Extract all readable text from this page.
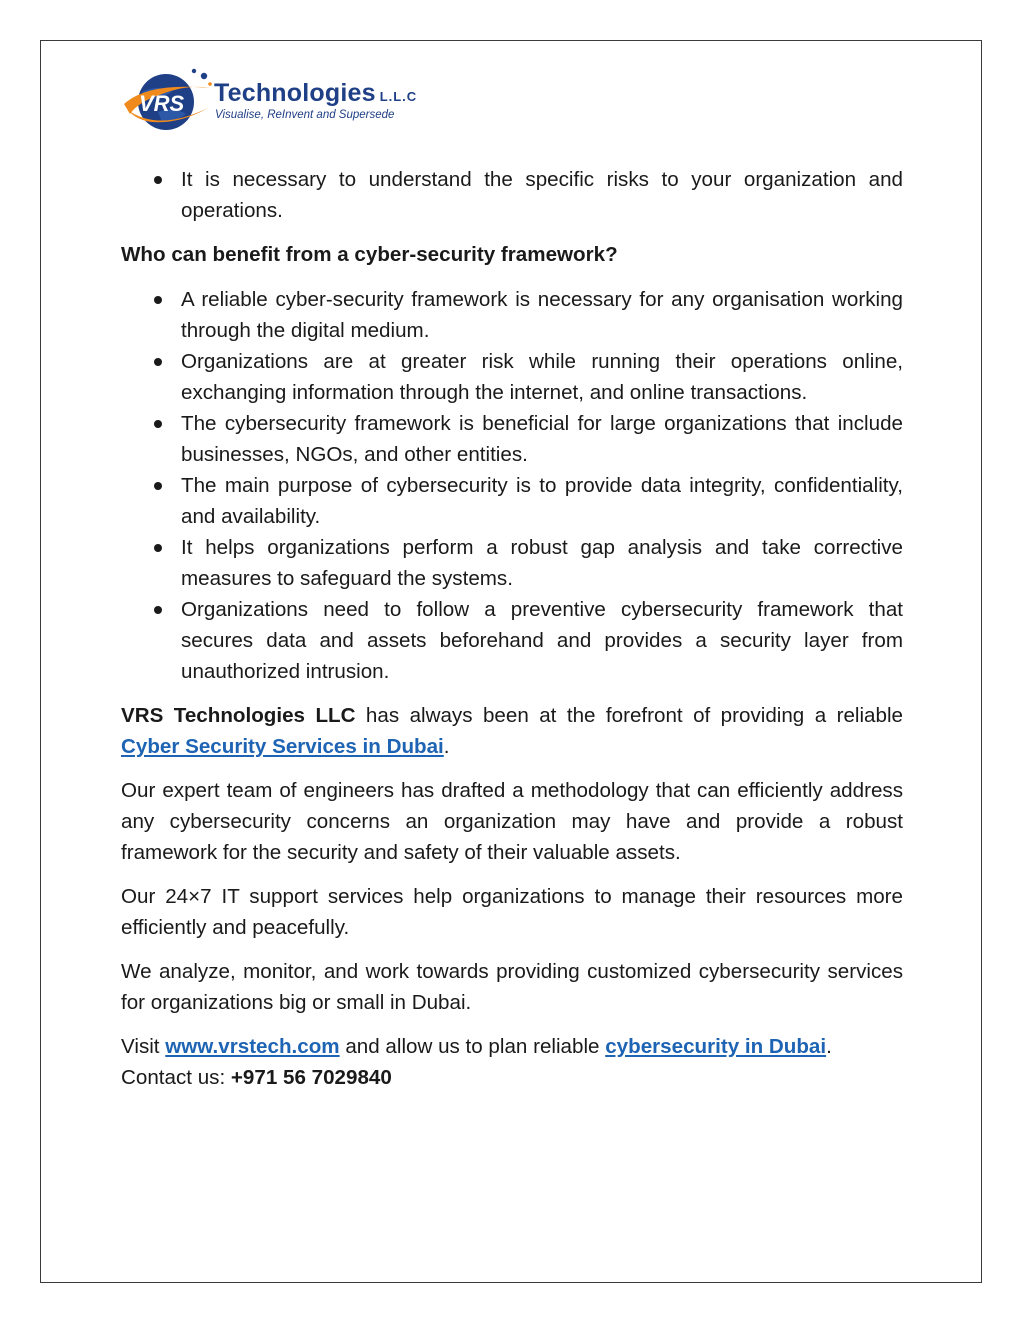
VRS Technologies L.L.C
Visualise, ReInvent and Supersede
It is necessary to understand the specific risks to your organization and operations.

Who can benefit from a cyber-security framework?

A reliable cyber-security framework is necessary for any organisation working through the digital medium.
Organizations are at greater risk while running their operations online, exchanging information through the internet, and online transactions.
The cybersecurity framework is beneficial for large organizations that include businesses, NGOs, and other entities.
The main purpose of cybersecurity is to provide data integrity, confidentiality, and availability.
It helps organizations perform a robust gap analysis and take corrective measures to safeguard the systems.
Organizations need to follow a preventive cybersecurity framework that secures data and assets beforehand and provides a security layer from unauthorized intrusion.

VRS Technologies LLC has always been at the forefront of providing a reliable Cyber Security Services in Dubai.

Our expert team of engineers has drafted a methodology that can efficiently address any cybersecurity concerns an organization may have and provide a robust framework for the security and safety of their valuable assets.

Our 24×7 IT support services help organizations to manage their resources more efficiently and peacefully.

We analyze, monitor, and work towards providing customized cybersecurity services for organizations big or small in Dubai.

Visit www.vrstech.com and allow us to plan reliable cybersecurity in Dubai.
Contact us: +971 56 7029840
